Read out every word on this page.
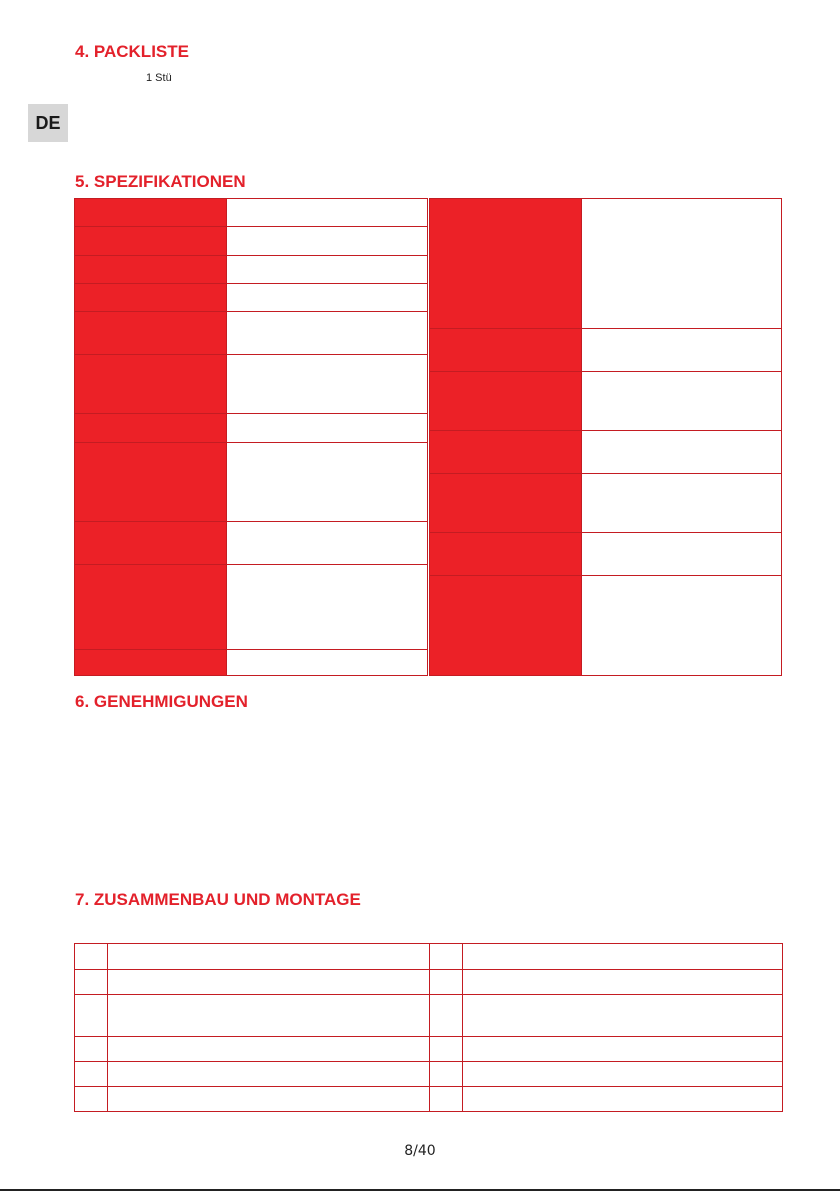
4. PACKLISTE
1 Stü
DE
5. SPEZIFIKATIONEN
6. GENEHMIGUNGEN
7. ZUSAMMENBAU UND MONTAGE

8/40
